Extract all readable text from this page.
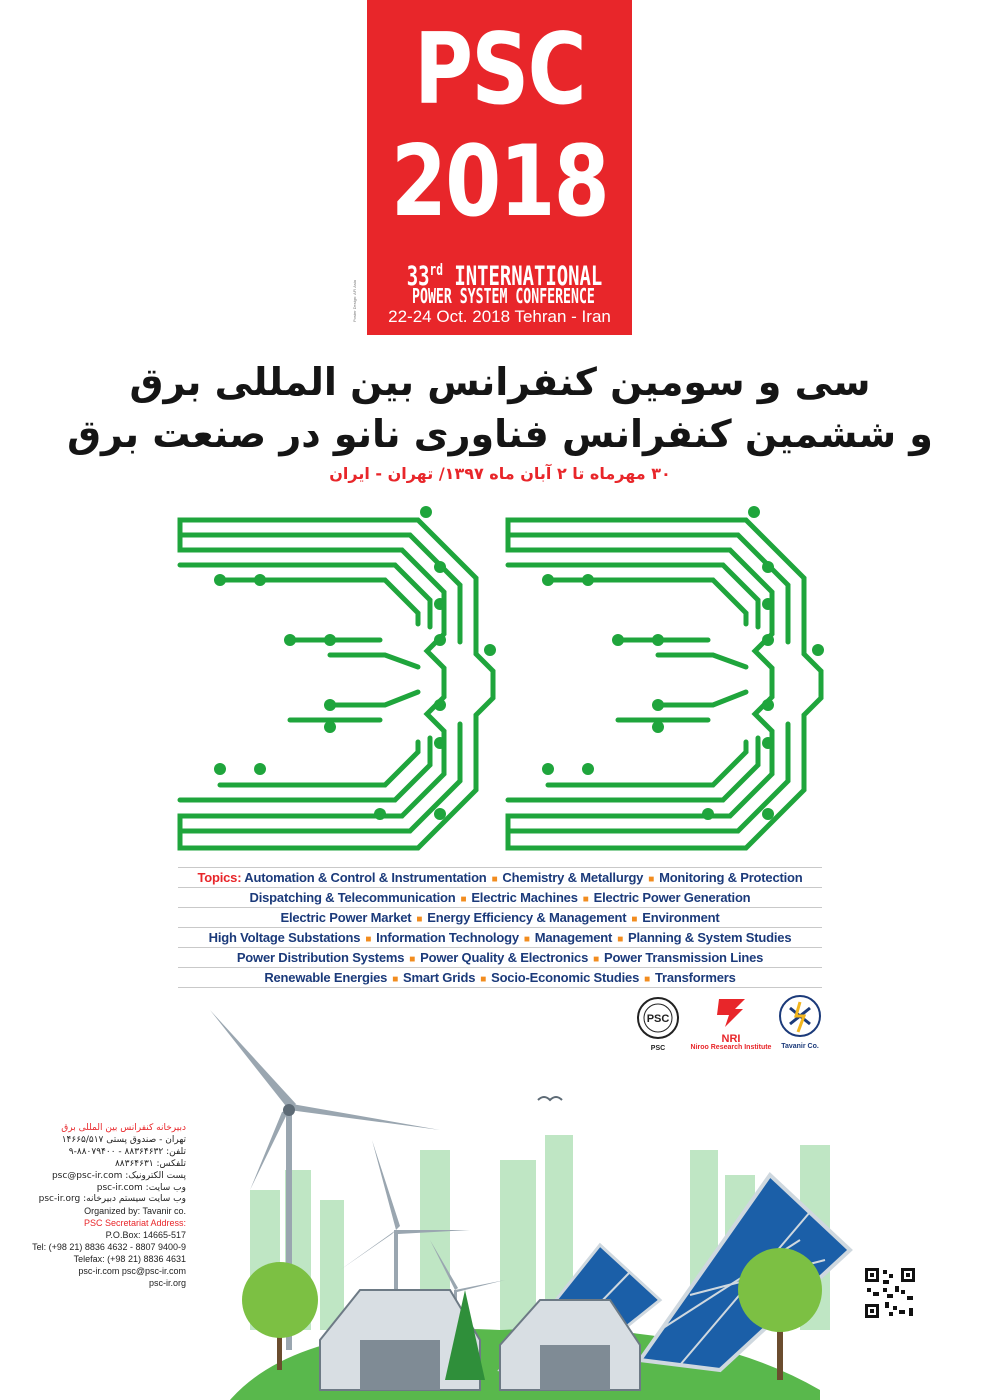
PSC
2018
33rd INTERNATIONAL
POWER SYSTEM CONFERENCE
22-24 Oct. 2018 Tehran - Iran
Poster Design: AFI Asia
سی و سومین کنفرانس بین المللی برق
و ششمین کنفرانس فناوری نانو در صنعت برق
۳۰ مهرماه تا ۲ آبان ماه ۱۳۹۷/ تهران - ایران
Topics: Automation & Control & Instrumentation ■ Chemistry & Metallurgy ■ Monitoring & Protection
Dispatching & Telecommunication ■ Electric Machines ■ Electric Power Generation
Electric Power Market ■ Energy Efficiency & Management ■ Environment
High Voltage Substations ■ Information Technology ■ Management ■ Planning & System Studies
Power Distribution Systems ■ Power Quality & Electronics ■ Power Transmission Lines
Renewable Energies ■ Smart Grids ■ Socio-Economic Studies ■ Transformers
PSC
PSC
NRI
Niroo Research Institute	Tavanir Co.
دبیرخانه کنفرانس بین المللی برق
تهران - صندوق پستی ۱۴۶۶۵/۵۱۷
تلفن: ۸۸۳۶۴۶۳۲ - ۸۸۰۷۹۴۰۰-۹
تلفکس: ۸۸۳۶۴۶۳۱
پست الکترونیک: psc@psc-ir.com
وب سایت: psc-ir.com
وب سایت سیستم دبیرخانه: psc-ir.org
Organized by: Tavanir co.
PSC Secretariat Address:
P.O.Box: 14665-517
Tel: (+98 21) 8836 4632 - 8807 9400-9
Telefax: (+98 21) 8836 4631
psc-ir.com psc@psc-ir.com
psc-ir.org
